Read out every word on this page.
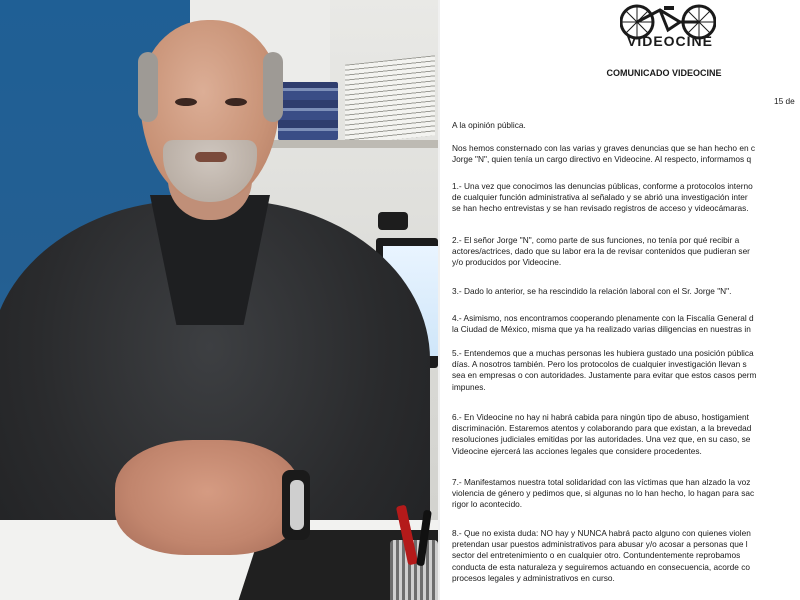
VIDEOCINE
COMUNICADO VIDEOCINE
15 de
A la opinión pública.
Nos hemos consternado con las varias y graves denuncias que se han hecho en c
Jorge "N", quien tenía un cargo directivo en Videocine. Al respecto, informamos q
1.- Una vez que conocimos las denuncias públicas, conforme a protocolos interno
de cualquier función administrativa al señalado y se abrió una investigación inter
se han hecho entrevistas y se han revisado registros de acceso y videocámaras.
2.- El señor Jorge "N", como parte de sus funciones, no tenía por qué recibir a
actores/actrices, dado que su labor era la de revisar contenidos que pudieran ser
y/o producidos por Videocine.
3.- Dado lo anterior, se ha rescindido la relación laboral con el Sr. Jorge "N".
4.- Asimismo, nos encontramos cooperando plenamente con la Fiscalía General d
la Ciudad de México, misma que ya ha realizado varias diligencias en nuestras in
5.- Entendemos que a muchas personas les hubiera gustado una posición pública
días. A nosotros también. Pero los protocolos de cualquier investigación llevan s
sea en empresas o con autoridades. Justamente para evitar que estos casos perm
impunes.
6.- En Videocine no hay ni habrá cabida para ningún tipo de abuso, hostigamient
discriminación. Estaremos atentos y colaborando para que existan, a la brevedad
resoluciones judiciales emitidas por las autoridades. Una vez que, en su caso, se
Videocine ejercerá las acciones legales que considere procedentes.
7.- Manifestamos nuestra total solidaridad con las víctimas que han alzado la voz
violencia de género y pedimos que, si algunas no lo han hecho, lo hagan para sac
rigor lo acontecido.
8.- Que no exista duda: NO hay y NUNCA habrá pacto alguno con quienes violen
pretendan usar puestos administrativos para abusar y/o acosar a personas que l
sector del entretenimiento o en cualquier otro. Contundentemente reprobamos
conducta de esta naturaleza y seguiremos actuando en consecuencia, acorde co
procesos legales y administrativos en curso.
